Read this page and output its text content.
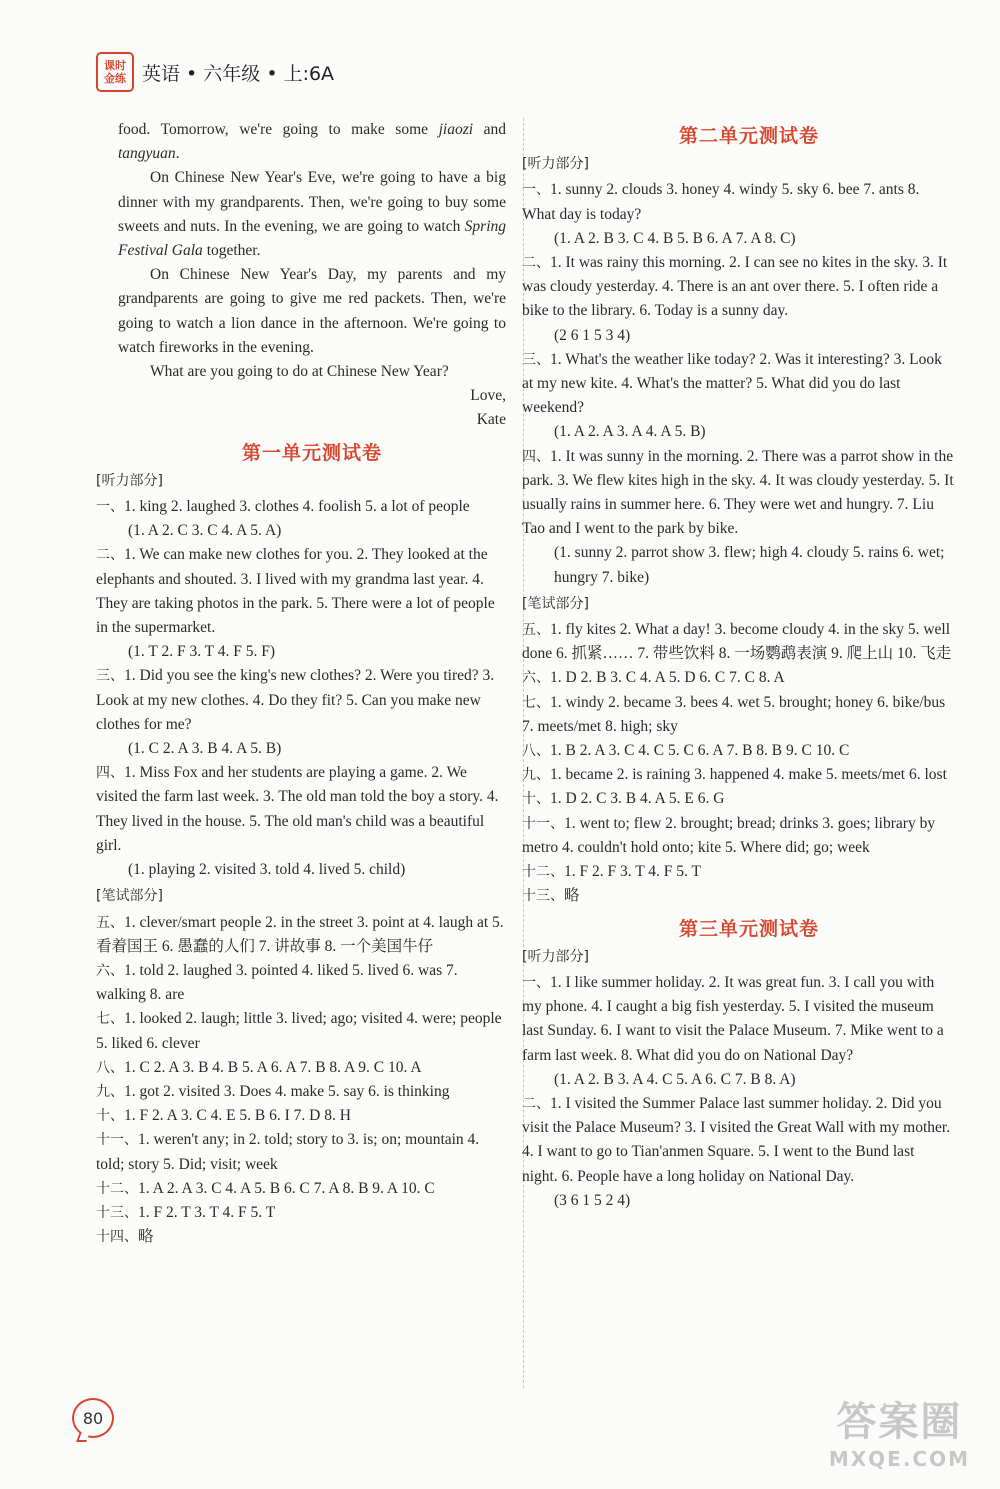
课时
金练 英语 • 六年级 • 上:6A

food. Tomorrow, we're going to make some jiaozi and tangyuan.

On Chinese New Year's Eve, we're going to have a big dinner with my grandparents. Then, we're going to buy some sweets and nuts. In the evening, we are going to watch Spring Festival Gala together.

On Chinese New Year's Day, my parents and my grandparents are going to give me red packets. Then, we're going to watch a lion dance in the afternoon. We're going to watch fireworks in the evening.

What are you going to do at Chinese New Year?

Love,

Kate

第一单元测试卷
[听力部分]
一、1. king 2. laughed 3. clothes 4. foolish 5. a lot of people
(1. A 2. C 3. C 4. A 5. A)
二、1. We can make new clothes for you. 2. They looked at the elephants and shouted. 3. I lived with my grandma last year. 4. They are taking photos in the park. 5. There were a lot of people in the supermarket.
(1. T 2. F 3. T 4. F 5. F)
三、1. Did you see the king's new clothes? 2. Were you tired? 3. Look at my new clothes. 4. Do they fit? 5. Can you make new clothes for me?
(1. C 2. A 3. B 4. A 5. B)
四、1. Miss Fox and her students are playing a game. 2. We visited the farm last week. 3. The old man told the boy a story. 4. They lived in the house. 5. The old man's child was a beautiful girl.
(1. playing 2. visited 3. told 4. lived 5. child)
[笔试部分]
五、1. clever/smart people 2. in the street 3. point at 4. laugh at 5. 看着国王 6. 愚蠢的人们 7. 讲故事 8. 一个美国牛仔
六、1. told 2. laughed 3. pointed 4. liked 5. lived 6. was 7. walking 8. are
七、1. looked 2. laugh; little 3. lived; ago; visited 4. were; people 5. liked 6. clever
八、1. C 2. A 3. B 4. B 5. A 6. A 7. B 8. A 9. C 10. A
九、1. got 2. visited 3. Does 4. make 5. say 6. is thinking
十、1. F 2. A 3. C 4. E 5. B 6. I 7. D 8. H
十一、1. weren't any; in 2. told; story to 3. is; on; mountain 4. told; story 5. Did; visit; week
十二、1. A 2. A 3. C 4. A 5. B 6. C 7. A 8. B 9. A 10. C
十三、1. F 2. T 3. T 4. F 5. T
十四、略
第二单元测试卷
[听力部分]
一、1. sunny 2. clouds 3. honey 4. windy 5. sky 6. bee 7. ants 8. What day is today?
(1. A 2. B 3. C 4. B 5. B 6. A 7. A 8. C)
二、1. It was rainy this morning. 2. I can see no kites in the sky. 3. It was cloudy yesterday. 4. There is an ant over there. 5. I often ride a bike to the library. 6. Today is a sunny day.
(2 6 1 5 3 4)
三、1. What's the weather like today? 2. Was it interesting? 3. Look at my new kite. 4. What's the matter? 5. What did you do last weekend?
(1. A 2. A 3. A 4. A 5. B)
四、1. It was sunny in the morning. 2. There was a parrot show in the park. 3. We flew kites high in the sky. 4. It was cloudy yesterday. 5. It usually rains in summer here. 6. They were wet and hungry. 7. Liu Tao and I went to the park by bike.
(1. sunny 2. parrot show 3. flew; high 4. cloudy 5. rains 6. wet; hungry 7. bike)
[笔试部分]
五、1. fly kites 2. What a day! 3. become cloudy 4. in the sky 5. well done 6. 抓紧…… 7. 带些饮料 8. 一场鹦鹉表演 9. 爬上山 10. 飞走
六、1. D 2. B 3. C 4. A 5. D 6. C 7. C 8. A
七、1. windy 2. became 3. bees 4. wet 5. brought; honey 6. bike/bus 7. meets/met 8. high; sky
八、1. B 2. A 3. C 4. C 5. C 6. A 7. B 8. B 9. C 10. C
九、1. became 2. is raining 3. happened 4. make 5. meets/met 6. lost
十、1. D 2. C 3. B 4. A 5. E 6. G
十一、1. went to; flew 2. brought; bread; drinks 3. goes; library by metro 4. couldn't hold onto; kite 5. Where did; go; week
十二、1. F 2. F 3. T 4. F 5. T
十三、略
第三单元测试卷
[听力部分]
一、1. I like summer holiday. 2. It was great fun. 3. I call you with my phone. 4. I caught a big fish yesterday. 5. I visited the museum last Sunday. 6. I want to visit the Palace Museum. 7. Mike went to a farm last week. 8. What did you do on National Day?
(1. A 2. B 3. A 4. C 5. A 6. C 7. B 8. A)
二、1. I visited the Summer Palace last summer holiday. 2. Did you visit the Palace Museum? 3. I visited the Great Wall with my mother. 4. I want to go to Tian'anmen Square. 5. I went to the Bund last night. 6. People have a long holiday on National Day.
(3 6 1 5 2 4)
80	答案圈
MXQE.COM
